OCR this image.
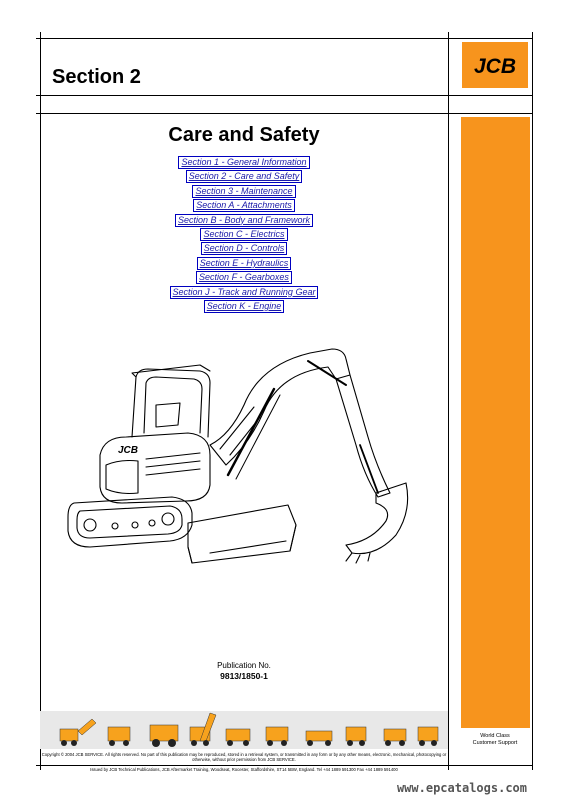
JCB
Section 2
Care and Safety
Section 1 - General Information
Section 2 - Care and Safety
Section 3 - Maintenance
Section A - Attachments
Section B - Body and Framework
Section C - Electrics
Section D - Controls
Section E - Hydraulics
Section F - Gearboxes
Section J - Track and Running Gear
Section K - Engine
JCB
Publication No.
9813/1850-1
Copyright © 2004 JCB SERVICE. All rights reserved. No part of this publication may be reproduced, stored in a retrieval system, or transmitted in any form or by any other means, electronic, mechanical, photocopying or otherwise, without prior permission from JCB SERVICE.
Issued by JCB Technical Publications, JCB Aftermarket Training, Woodseat, Rocester, Staffordshire, ST14 5BW, England. Tel +44 1889 591300 Fax +44 1889 591400
World Class
Customer Support
www.epcatalogs.com
